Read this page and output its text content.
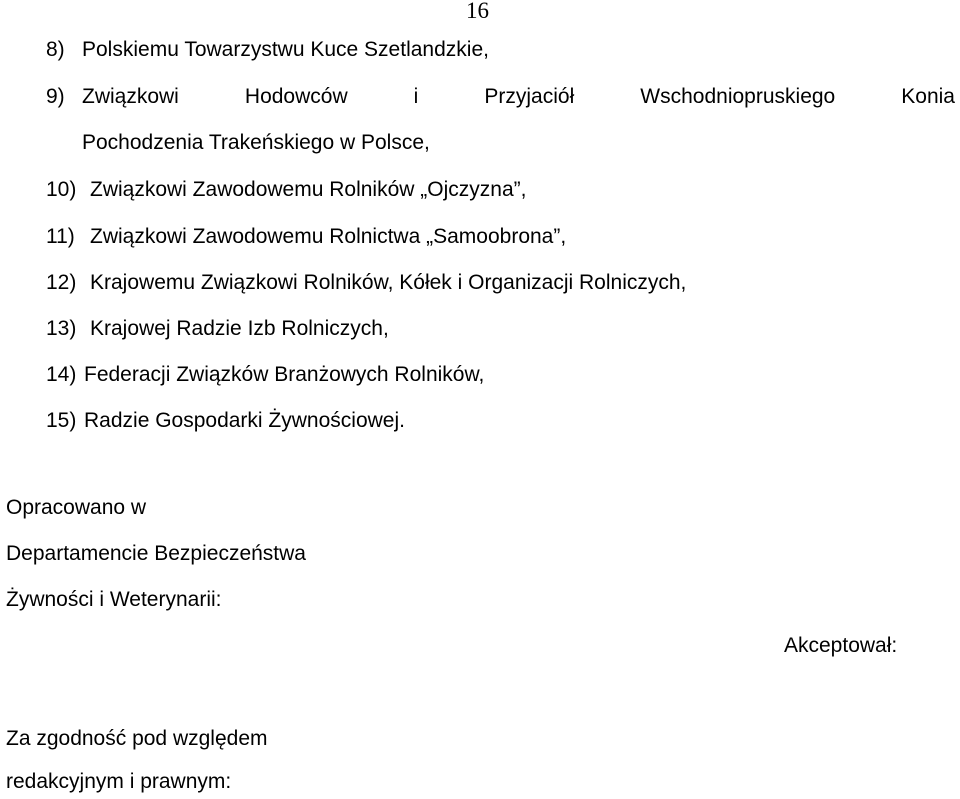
16
8) Polskiemu Towarzystwu Kuce Szetlandzkie,
9) Związkowi	Hodowców	i	Przyjaciół	Wschodniopruskiego	Konia
Pochodzenia Trakeńskiego w Polsce,
10) Związkowi Zawodowemu Rolników „Ojczyzna”,
11) Związkowi Zawodowemu Rolnictwa „Samoobrona”,
12) Krajowemu Związkowi Rolników, Kółek i Organizacji Rolniczych,
13) Krajowej Radzie Izb Rolniczych,
14) Federacji Związków Branżowych Rolników,
15) Radzie Gospodarki Żywnościowej.
Opracowano w
Departamencie Bezpieczeństwa
Żywności i Weterynarii:
Akceptował:
Za zgodność pod względem
redakcyjnym i prawnym:
